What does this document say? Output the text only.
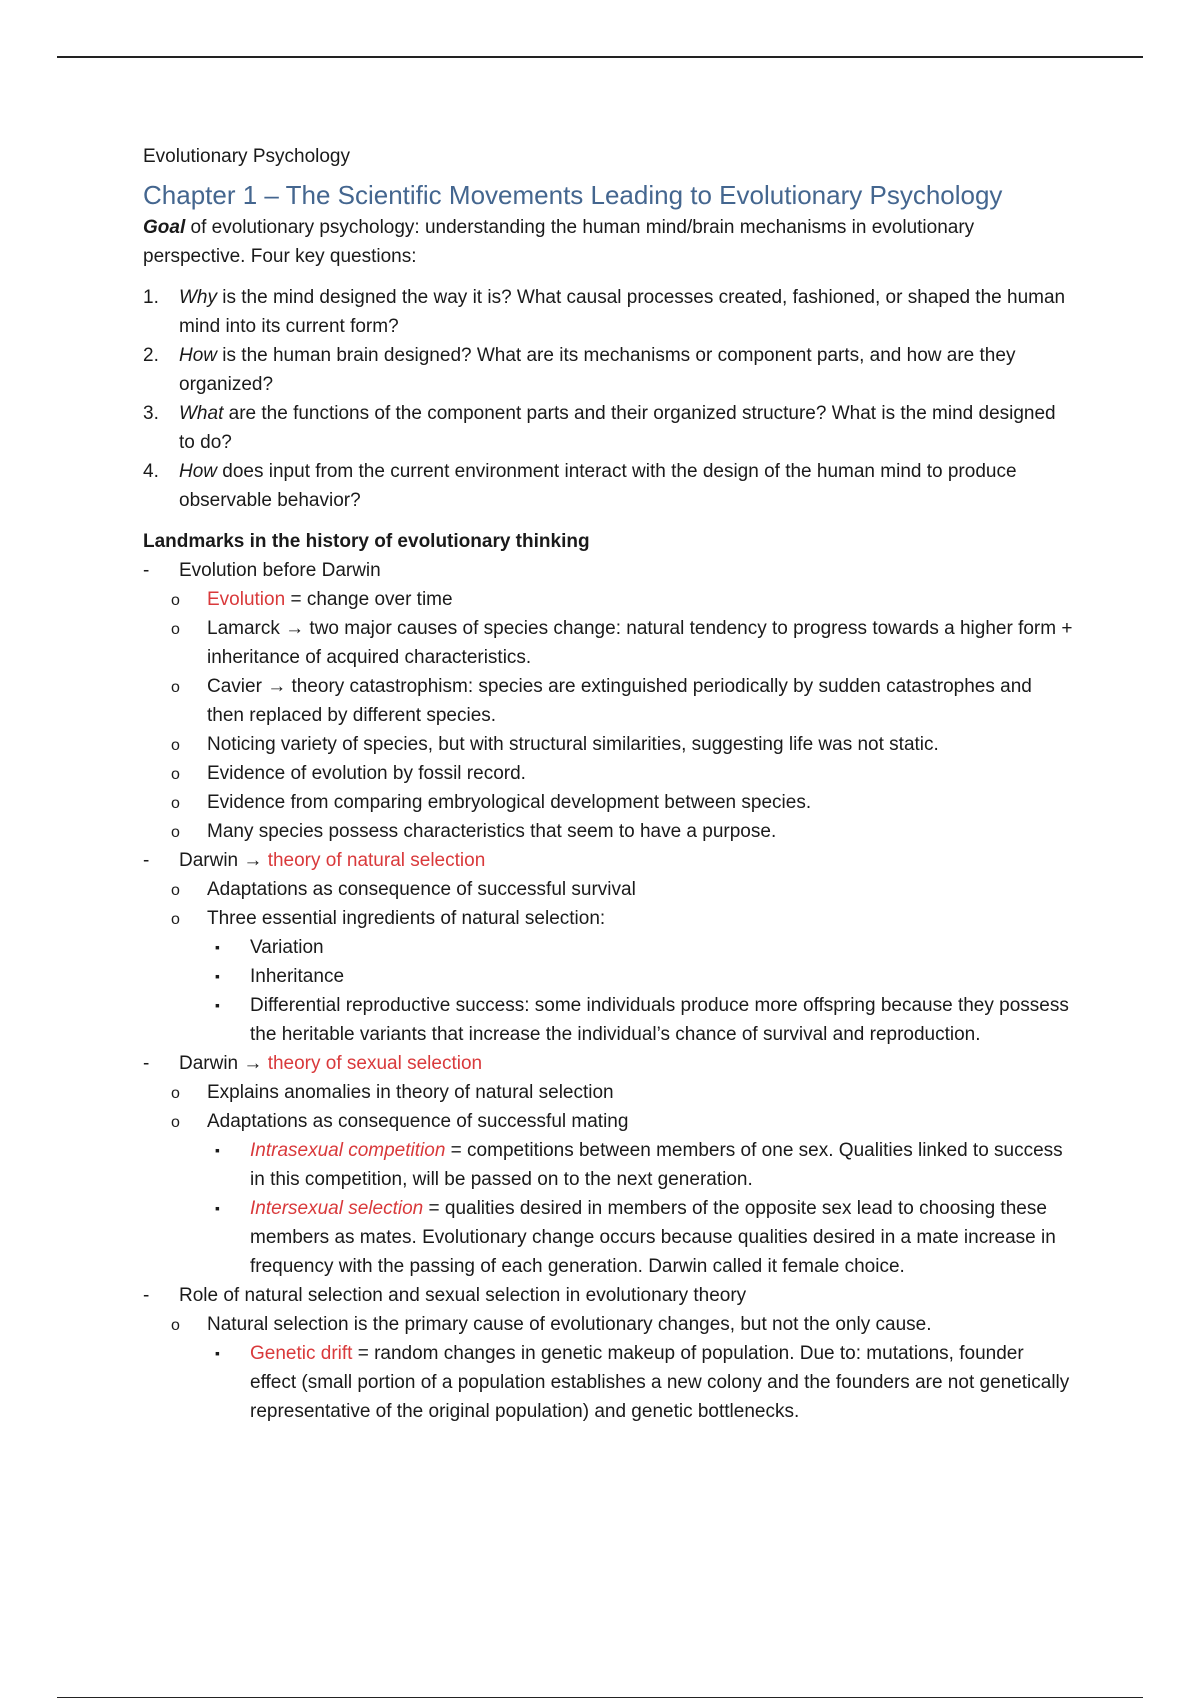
Evolutionary Psychology

Chapter 1 – The Scientific Movements Leading to Evolutionary Psychology

Goal of evolutionary psychology: understanding the human mind/brain mechanisms in evolutionary perspective. Four key questions:

1. Why is the mind designed the way it is? What causal processes created, fashioned, or shaped the human mind into its current form?
2. How is the human brain designed? What are its mechanisms or component parts, and how are they organized?
3. What are the functions of the component parts and their organized structure? What is the mind designed to do?
4. How does input from the current environment interact with the design of the human mind to produce observable behavior?

Landmarks in the history of evolutionary thinking

- Evolution before Darwin
o Evolution = change over time
o Lamarck → two major causes of species change: natural tendency to progress towards a higher form + inheritance of acquired characteristics.
o Cavier → theory catastrophism: species are extinguished periodically by sudden catastrophes and then replaced by different species.
o Noticing variety of species, but with structural similarities, suggesting life was not static.
o Evidence of evolution by fossil record.
o Evidence from comparing embryological development between species.
o Many species possess characteristics that seem to have a purpose.
- Darwin → theory of natural selection
o Adaptations as consequence of successful survival
o Three essential ingredients of natural selection:
▪ Variation
▪ Inheritance
▪ Differential reproductive success: some individuals produce more offspring because they possess the heritable variants that increase the individual’s chance of survival and reproduction.
- Darwin → theory of sexual selection
o Explains anomalies in theory of natural selection
o Adaptations as consequence of successful mating
▪ Intrasexual competition = competitions between members of one sex. Qualities linked to success in this competition, will be passed on to the next generation.
▪ Intersexual selection = qualities desired in members of the opposite sex lead to choosing these members as mates. Evolutionary change occurs because qualities desired in a mate increase in frequency with the passing of each generation. Darwin called it female choice.
- Role of natural selection and sexual selection in evolutionary theory
o Natural selection is the primary cause of evolutionary changes, but not the only cause.
▪ Genetic drift = random changes in genetic makeup of population. Due to: mutations, founder effect (small portion of a population establishes a new colony and the founders are not genetically representative of the original population) and genetic bottlenecks.
